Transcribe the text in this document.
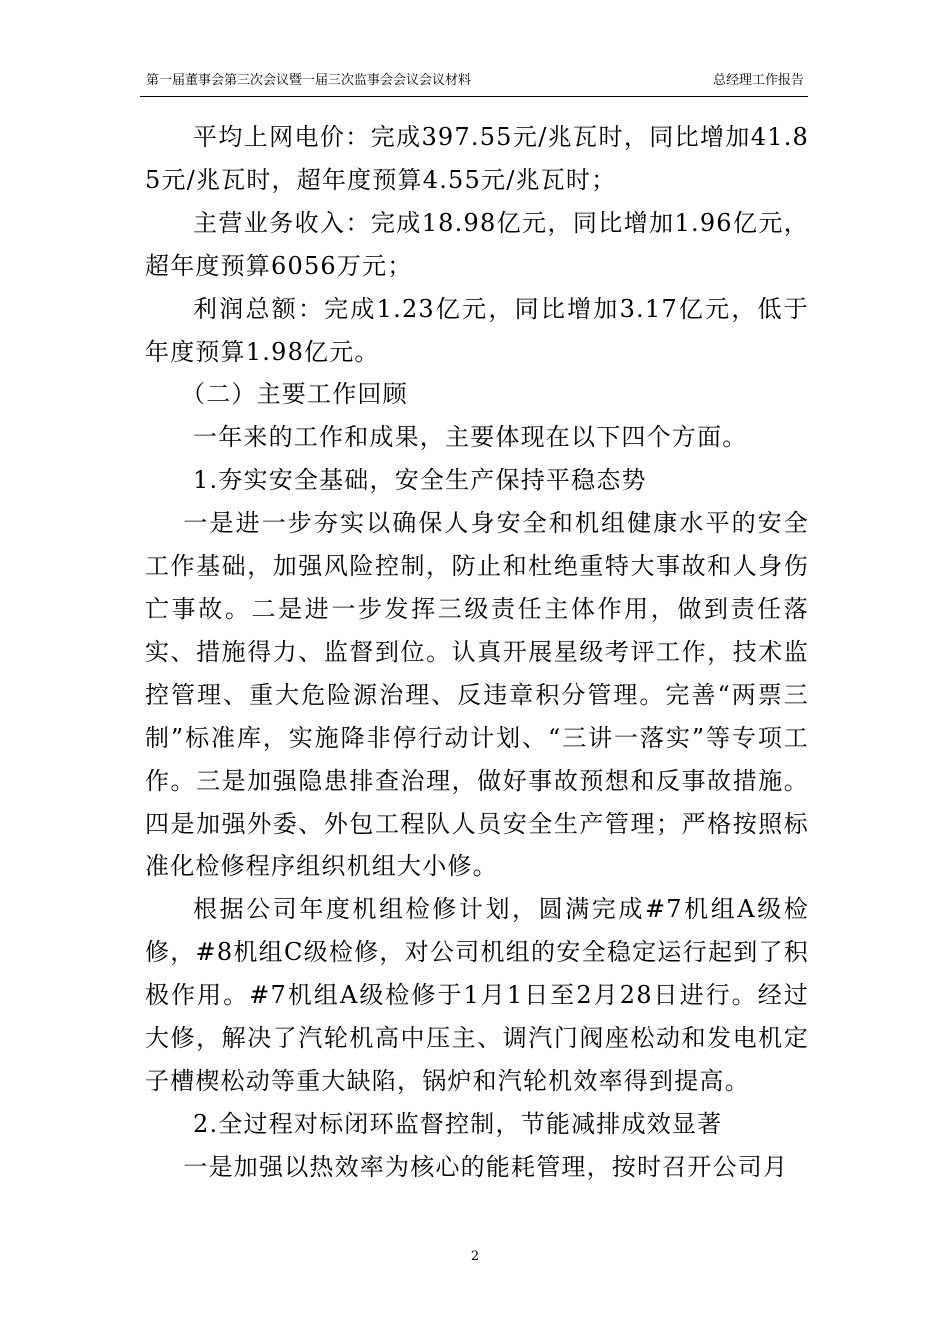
第一届董事会第三次会议暨一届三次监事会会议会议材料	总经理工作报告

平均上网电价：完成397.55元/兆瓦时，同比增加41.85元/兆瓦时，超年度预算4.55元/兆瓦时；

主营业务收入：完成18.98亿元，同比增加1.96亿元，超年度预算6056万元；

利润总额：完成1.23亿元，同比增加3.17亿元，低于年度预算1.98亿元。

（二）主要工作回顾

一年来的工作和成果，主要体现在以下四个方面。

1.夯实安全基础，安全生产保持平稳态势

一是进一步夯实以确保人身安全和机组健康水平的安全工作基础，加强风险控制，防止和杜绝重特大事故和人身伤亡事故。二是进一步发挥三级责任主体作用，做到责任落实、措施得力、监督到位。认真开展星级考评工作，技术监控管理、重大危险源治理、反违章积分管理。完善“两票三制”标准库，实施降非停行动计划、“三讲一落实”等专项工作。三是加强隐患排查治理，做好事故预想和反事故措施。四是加强外委、外包工程队人员安全生产管理；严格按照标准化检修程序组织机组大小修。

根据公司年度机组检修计划，圆满完成#7机组A级检修，#8机组C级检修，对公司机组的安全稳定运行起到了积极作用。#7机组A级检修于1月1日至2月28日进行。经过大修，解决了汽轮机高中压主、调汽门阀座松动和发电机定子槽楔松动等重大缺陷，锅炉和汽轮机效率得到提高。

2.全过程对标闭环监督控制，节能减排成效显著

一是加强以热效率为核心的能耗管理，按时召开公司月

2
